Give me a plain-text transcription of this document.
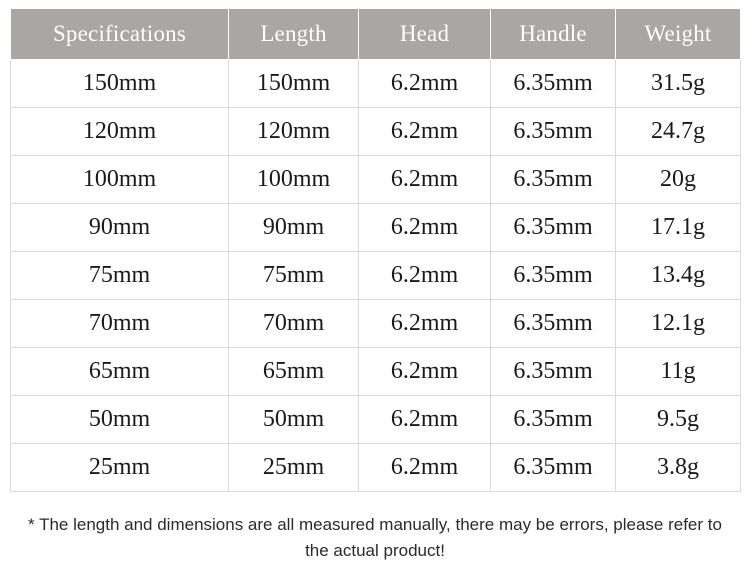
Specifications	Length	Head	Handle	Weight
150mm	150mm	6.2mm	6.35mm	31.5g
120mm	120mm	6.2mm	6.35mm	24.7g
100mm	100mm	6.2mm	6.35mm	20g
90mm	90mm	6.2mm	6.35mm	17.1g
75mm	75mm	6.2mm	6.35mm	13.4g
70mm	70mm	6.2mm	6.35mm	12.1g
65mm	65mm	6.2mm	6.35mm	11g
50mm	50mm	6.2mm	6.35mm	9.5g
25mm	25mm	6.2mm	6.35mm	3.8g
* The length and dimensions are all measured manually, there may be errors, please refer to the actual product!
